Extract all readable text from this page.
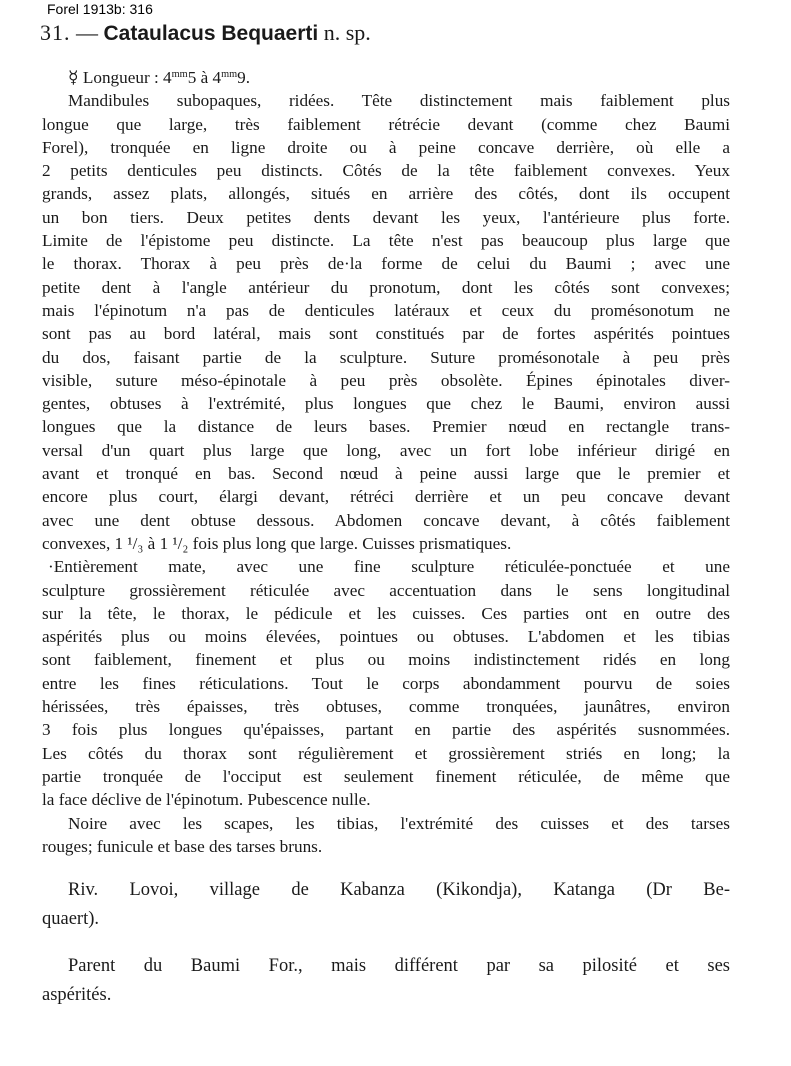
Forel 1913b: 316
31. — Cataulacus Bequaerti n. sp.
☿ Longueur : $4^{mm}5$ à $4^{mm}9$.
Mandibules subopaques, ridées. Tête distinctement mais faiblement plus
longue que large, très faiblement rétrécie devant (comme chez Baumi
Forel), tronquée en ligne droite ou à peine concave derrière, où elle a
2 petits denticules peu distincts. Côtés de la tête faiblement convexes. Yeux
grands, assez plats, allongés, situés en arrière des côtés, dont ils occupent
un bon tiers. Deux petites dents devant les yeux, l'antérieure plus forte.
Limite de l'épistome peu distincte. La tête n'est pas beaucoup plus large que
le thorax. Thorax à peu près de·la forme de celui du Baumi ; avec une
petite dent à l'angle antérieur du pronotum, dont les côtés sont convexes;
mais l'épinotum n'a pas de denticules latéraux et ceux du promésonotum ne
sont pas au bord latéral, mais sont constitués par de fortes aspérités pointues
du dos, faisant partie de la sculpture. Suture promésonotale à peu près
visible, suture méso-épinotale à peu près obsolète. Épines épinotales diver-
gentes, obtuses à l'extrémité, plus longues que chez le Baumi, environ aussi
longues que la distance de leurs bases. Premier nœud en rectangle trans-
versal d'un quart plus large que long, avec un fort lobe inférieur dirigé en
avant et tronqué en bas. Second nœud à peine aussi large que le premier et
encore plus court, élargi devant, rétréci derrière et un peu concave devant
avec une dent obtuse dessous. Abdomen concave devant, à côtés faiblement
convexes, 1 ¹/₃ à 1 ¹/₂ fois plus long que large. Cuisses prismatiques.
·Entièrement mate, avec une fine sculpture réticulée-ponctuée et une
sculpture grossièrement réticulée avec accentuation dans le sens longitudinal
sur la tête, le thorax, le pédicule et les cuisses. Ces parties ont en outre des
aspérités plus ou moins élevées, pointues ou obtuses. L'abdomen et les tibias
sont faiblement, finement et plus ou moins indistinctement ridés en long
entre les fines réticulations. Tout le corps abondamment pourvu de soies
hérissées, très épaisses, très obtuses, comme tronquées, jaunâtres, environ
3 fois plus longues qu'épaisses, partant en partie des aspérités susnommées.
Les côtés du thorax sont régulièrement et grossièrement striés en long; la
partie tronquée de l'occiput est seulement finement réticulée, de même que
la face déclive de l'épinotum. Pubescence nulle.
Noire avec les scapes, les tibias, l'extrémité des cuisses et des tarses
rouges; funicule et base des tarses bruns.
Riv. Lovoi, village de Kabanza (Kikondja), Katanga (Dr Be-
quaert).
Parent du Baumi For., mais différent par sa pilosité et ses
aspérités.
